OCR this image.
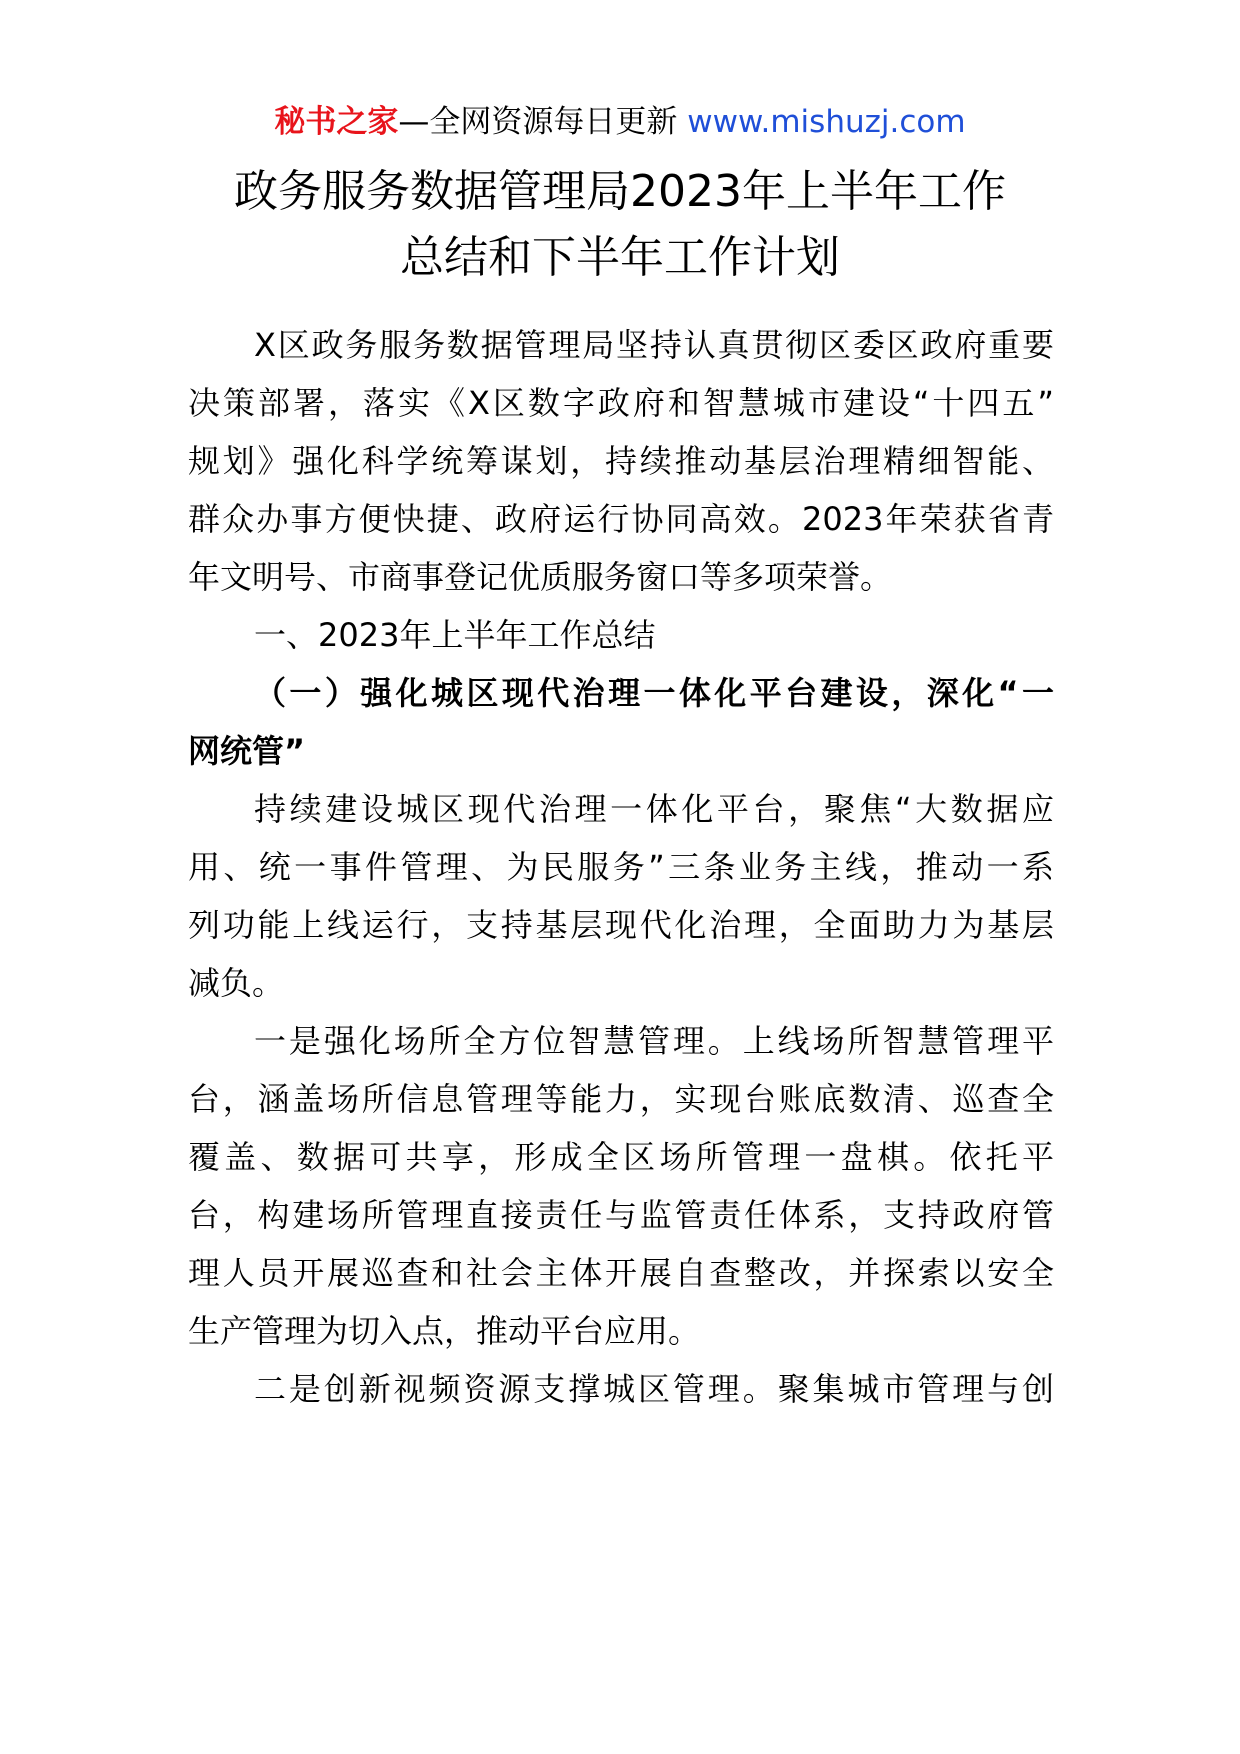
秘书之家—全网资源每日更新 www.mishuzj.com
政务服务数据管理局2023年上半年工作
总结和下半年工作计划
X区政务服务数据管理局坚持认真贯彻区委区政府重要
决策部署，落实《X区数字政府和智慧城市建设“十四五”
规划》强化科学统筹谋划，持续推动基层治理精细智能、
群众办事方便快捷、政府运行协同高效。2023年荣获省青
年文明号、市商事登记优质服务窗口等多项荣誉。
一、2023年上半年工作总结
（一）强化城区现代治理一体化平台建设，深化“一
网统管”
持续建设城区现代治理一体化平台，聚焦“大数据应
用、统一事件管理、为民服务”三条业务主线，推动一系
列功能上线运行，支持基层现代化治理，全面助力为基层
减负。
一是强化场所全方位智慧管理。上线场所智慧管理平
台，涵盖场所信息管理等能力，实现台账底数清、巡查全
覆盖、数据可共享，形成全区场所管理一盘棋。依托平
台，构建场所管理直接责任与监管责任体系，支持政府管
理人员开展巡查和社会主体开展自查整改，并探索以安全
生产管理为切入点，推动平台应用。
二是创新视频资源支撑城区管理。聚集城市管理与创
